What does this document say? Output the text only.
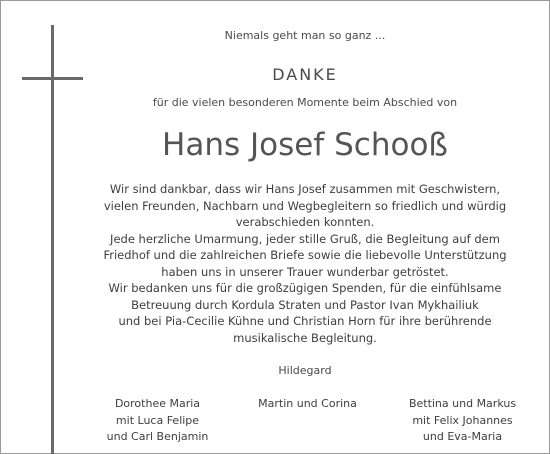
Niemals geht man so ganz ...
DANKE
für die vielen besonderen Momente beim Abschied von
Hans Josef Schooß
Wir sind dankbar, dass wir Hans Josef zusammen mit Geschwistern,
vielen Freunden, Nachbarn und Wegbegleitern so friedlich und würdig
verabschieden konnten.
Jede herzliche Umarmung, jeder stille Gruß, die Begleitung auf dem
Friedhof und die zahlreichen Briefe sowie die liebevolle Unterstützung
haben uns in unserer Trauer wunderbar getröstet.
Wir bedanken uns für die großzügigen Spenden, für die einfühlsame
Betreuung durch Kordula Straten und Pastor Ivan Mykhailiuk
und bei Pia-Cecilie Kühne und Christian Horn für ihre berührende
musikalische Begleitung.
Hildegard
Dorothee Maria
mit Luca Felipe
und Carl Benjamin
Martin und Corina	Bettina und Markus
mit Felix Johannes
und Eva-Maria
